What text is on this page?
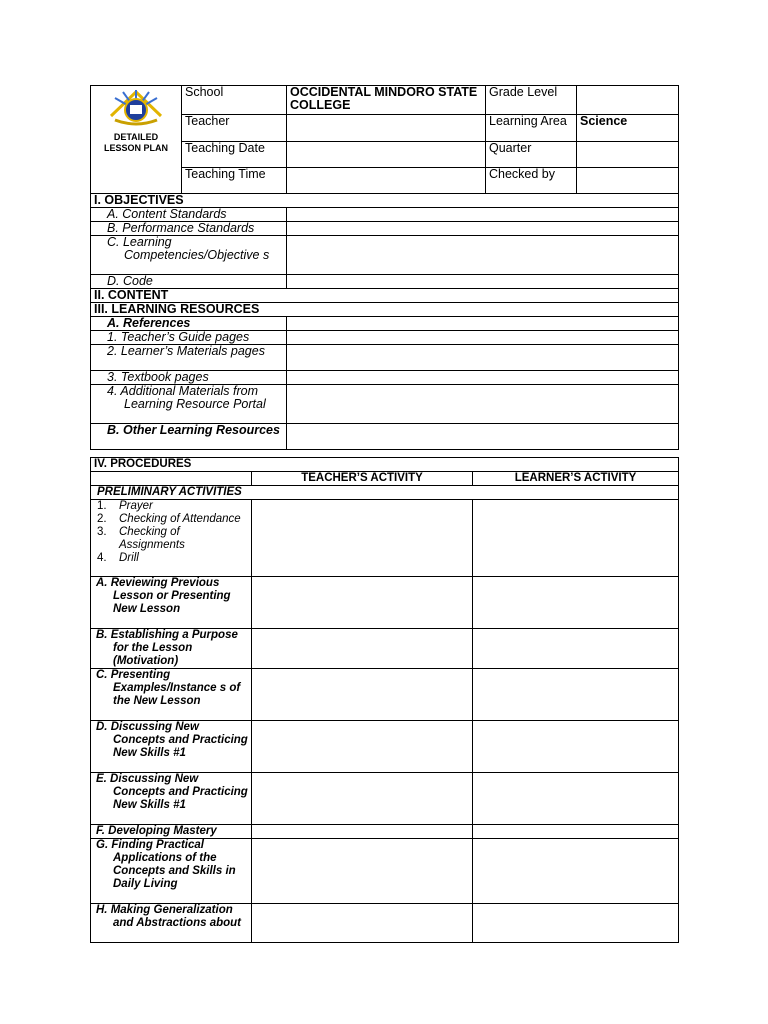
DETAILED
LESSON PLAN	School	OCCIDENTAL MINDORO STATE COLLEGE	Grade Level	
	Teacher		Learning Area	Science
	Teaching Date		Quarter	
	Teaching Time		Checked by	
I. OBJECTIVES				
A. Content Standards				
B. Performance Standards				
C. Learning Competencies/Objective s				
D. Code				
II. CONTENT				
III. LEARNING RESOURCES				
A. References				
1. Teacher’s Guide pages				
2. Learner’s Materials pages				
3. Textbook pages				
4. Additional Materials from Learning Resource Portal				
B. Other Learning Resources				
IV. PROCEDURES		
	TEACHER’S ACTIVITY	LEARNER’S ACTIVITY
PRELIMINARY ACTIVITIES		

1. Prayer
2. Checking of Attendance
3. Checking of Assignments
4. Drill		

A. Reviewing Previous Lesson or Presenting New Lesson		
B. Establishing a Purpose for the Lesson (Motivation)		
C. Presenting Examples/Instance s of the New Lesson		
D. Discussing New Concepts and Practicing New Skills #1		
E. Discussing New Concepts and Practicing New Skills #1		
F. Developing Mastery		
G. Finding Practical Applications of the Concepts and Skills in Daily Living		
H. Making Generalization and Abstractions about		
